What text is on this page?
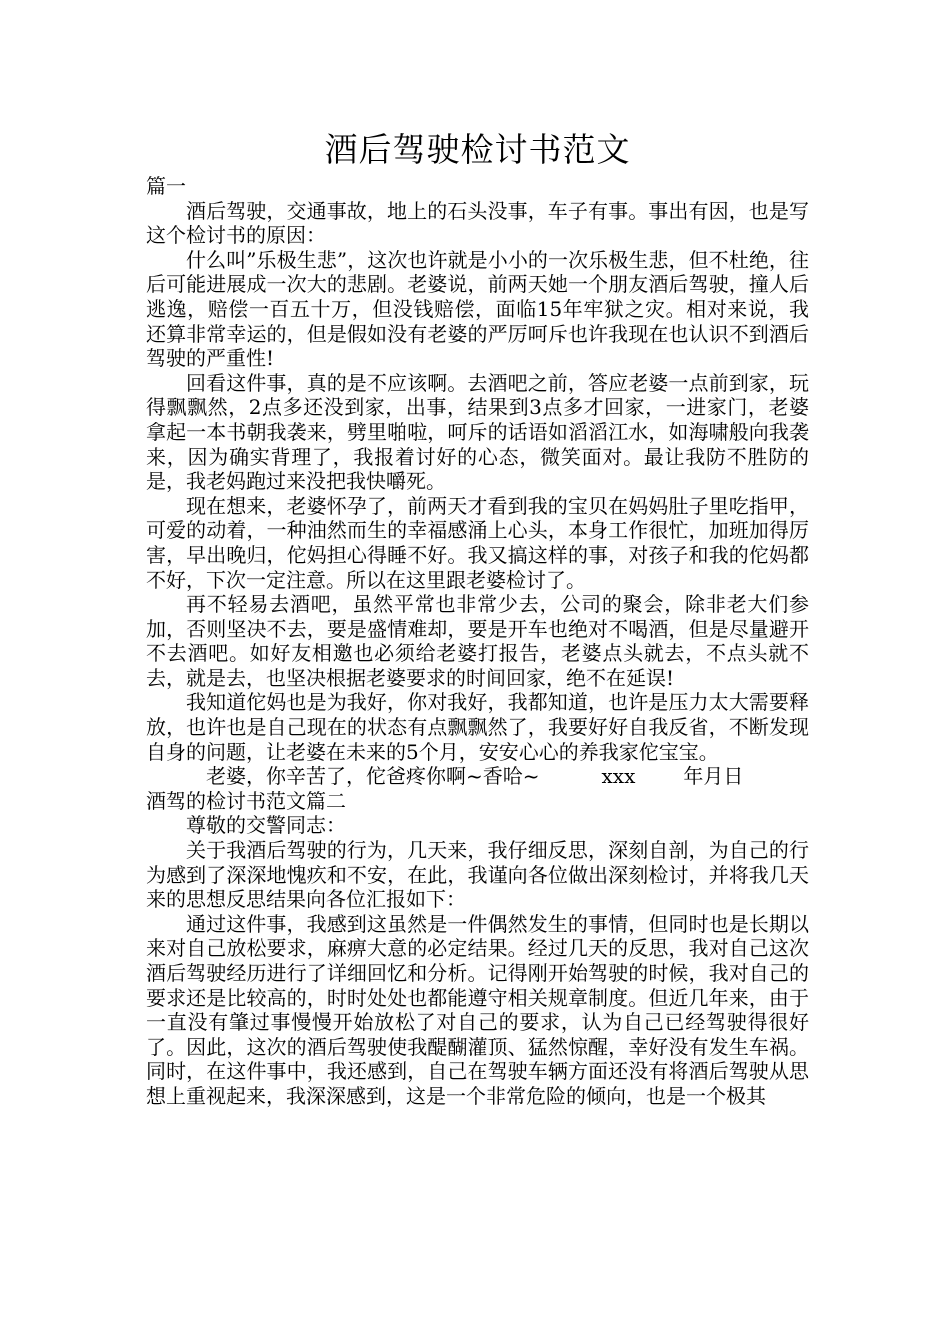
酒后驾驶检讨书范文

篇一

酒后驾驶，交通事故，地上的石头没事，车子有事。事出有因，也是写这个检讨书的原因：

什么叫”乐极生悲”，这次也许就是小小的一次乐极生悲，但不杜绝，往后可能进展成一次大的悲剧。老婆说，前两天她一个朋友酒后驾驶，撞人后逃逸，赔偿一百五十万，但没钱赔偿，面临15年牢狱之灾。相对来说，我还算非常幸运的，但是假如没有老婆的严厉呵斥也许我现在也认识不到酒后驾驶的严重性!

回看这件事，真的是不应该啊。去酒吧之前，答应老婆一点前到家，玩得飘飘然，2点多还没到家，出事，结果到3点多才回家，一进家门，老婆拿起一本书朝我袭来，劈里啪啦，呵斥的话语如滔滔江水，如海啸般向我袭来，因为确实背理了，我报着讨好的心态，微笑面对。最让我防不胜防的是，我老妈跑过来没把我快嚼死。

现在想来，老婆怀孕了，前两天才看到我的宝贝在妈妈肚子里吃指甲，可爱的动着，一种油然而生的幸福感涌上心头，本身工作很忙，加班加得厉害，早出晚归，佗妈担心得睡不好。我又搞这样的事，对孩子和我的佗妈都不好，下次一定注意。所以在这里跟老婆检讨了。

再不轻易去酒吧，虽然平常也非常少去，公司的聚会，除非老大们参加，否则坚决不去，要是盛情难却，要是开车也绝对不喝酒，但是尽量避开不去酒吧。如好友相邀也必须给老婆打报告，老婆点头就去，不点头就不去，就是去，也坚决根据老婆要求的时间回家，绝不在延误!

我知道佗妈也是为我好，你对我好，我都知道，也许是压力太大需要释放，也许也是自己现在的状态有点飘飘然了，我要好好自我反省，不断发现自身的问题，让老婆在未来的5个月，安安心心的养我家佗宝宝。

老婆，你辛苦了，佗爸疼你啊~香哈~	xxx 年月日

酒驾的检讨书范文篇二

尊敬的交警同志：

关于我酒后驾驶的行为，几天来，我仔细反思，深刻自剖，为自己的行为感到了深深地愧疚和不安，在此，我谨向各位做出深刻检讨，并将我几天来的思想反思结果向各位汇报如下：

通过这件事，我感到这虽然是一件偶然发生的事情，但同时也是长期以来对自己放松要求，麻痹大意的必定结果。经过几天的反思，我对自己这次酒后驾驶经历进行了详细回忆和分析。记得刚开始驾驶的时候，我对自己的要求还是比较高的，时时处处也都能遵守相关规章制度。但近几年来，由于一直没有肇过事慢慢开始放松了对自己的要求，认为自己已经驾驶得很好了。因此，这次的酒后驾驶使我醍醐灌顶、猛然惊醒，幸好没有发生车祸。同时，在这件事中，我还感到，自己在驾驶车辆方面还没有将酒后驾驶从思想上重视起来，我深深感到，这是一个非常危险的倾向，也是一个极其
